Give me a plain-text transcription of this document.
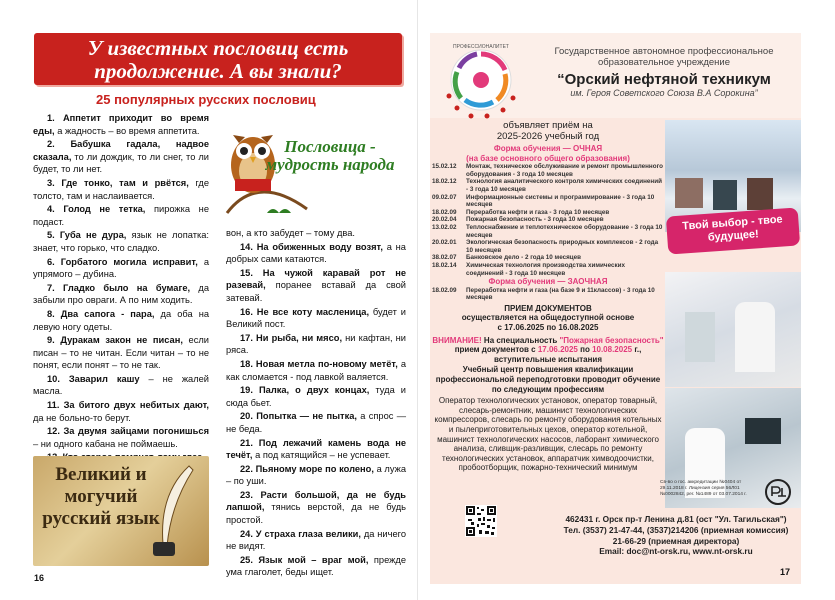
У известных пословиц есть
продолжение. А вы знали?
25 популярных русских пословиц
Пословица - мудрость народа
1. Аппетит приходит во время еды, а жадность – во время аппетита.
2. Бабушка гадала, надвое сказала, то ли дождик, то ли снег, то ли будет, то ли нет.
3. Где тонко, там и рвётся, где толсто, там и наслаивается.
4. Голод не тетка, пирожка не подаст.
5. Губа не дура, язык не лопатка: знает, что горько, что сладко.
6. Горбатого могила исправит, а упрямого – дубина.
7. Гладко было на бумаге, да забыли про овраги. А по ним ходить.
8. Два сапога - пара, да оба на левую ногу одеты.
9. Дуракам закон не писан, если писан – то не читан. Если читан – то не понят, если понят – то не так.
10. Заварил кашу – не жалей масла.
11. За битого двух небитых дают, да не больно-то берут.
12. За двумя зайцами погонишься – ни одного кабана не поймаешь.
вон, а кто забудет – тому два.
14. На обиженных воду возят, а на добрых сами катаются.
15. На чужой каравай рот не разевай, поранее вставай да свой затевай.
16. Не все коту масленица, будет и Великий пост.
17. Ни рыба, ни мясо, ни кафтан, ни ряса.
18. Новая метла по-новому метёт, а как сломается - под лавкой валяется.
19. Палка, о двух концах, туда и сюда бьет.
20. Попытка — не пытка, а спрос — не беда.
21. Под лежачий камень вода не течёт, а под катящийся – не успевает.
22. Пьяному море по колено, а лужа – по уши.
23. Расти большой, да не будь лапшой, тянись верстой, да не будь простой.
24. У страха глаза велики, да ничего не видят.
25. Язык мой – враг мой, прежде ума глаголет, беды ищет.
Великий и могучий русский язык
16
ПРОФЕССИОНАЛИТЕТ	Государственное автономное профессиональное образовательное учреждение
“Орский нефтяной техникум
им. Героя Советского Союза В.А Сорокина”
Твой выбор - твое будущее!
объявляет приём на
2025-2026 учебный год
Форма обучения — ОЧНАЯ
(на базе основного общего образования)
15.02.12	Монтаж, техническое обслуживание и ремонт промышленного оборудования - 3 года 10 месяцев
18.02.12	Технология аналитического контроля химических соединений - 3 года 10 месяцев
09.02.07	Информационные системы и программирование - 3 года 10 месяцев
18.02.09	Переработка нефти и газа - 3 года 10 месяцев
20.02.04	Пожарная безопасность - 3 года 10 месяцев
13.02.02	Теплоснабжение и теплотехническое оборудование - 3 года 10 месяцев
20.02.01	Экологическая безопасность природных комплексов - 2 года 10 месяцев
38.02.07	Банковское дело - 2 года 10 месяцев
18.02.14	Химическая технология производства химических соединений - 3 года 10 месяцев
Форма обучения — ЗАОЧНАЯ
18.02.09	Переработка нефти и газа (на базе 9 и 11классов) - 3 года 10 месяцев
ПРИЕМ ДОКУМЕНТОВ
осуществляется на общедоступной основе
с 17.06.2025 по 16.08.2025
ВНИМАНИЕ! На специальность "Пожарная безопасность"
прием документов с 17.06.2025 по 10.08.2025 г.,
вступительные испытания
Учебный центр повышения квалификации профессиональной переподготовки проводит обучение по следующим профессиям
Оператор технологических установок, оператор товарный, слесарь-ремонтник, машинист технологических компрессоров, слесарь по ремонту оборудования котельных и пылеприготовительных цехов, оператор котельной, машинист технологических насосов, лаборант химического анализа, сливщик-разливщик, слесарь по ремонту технологических установок, аппаратчик химводоочистки, пробоотборщик, пожарно-технический минимум
Св-во о гос. аккредитации №0404 от 29.11.2018 г. Лицензия серия 56Л01 №0002842, рег. №1489 от 03.07.2014 г.
462431 г. Орск пр-т Ленина д.81 (ост "Ул. Тагильская")
Тел. (3537) 21-47-44, (3537)214206 (приемная комиссия)
21-66-29 (приемная директора)
Email: doc@nt-orsk.ru, www.nt-orsk.ru
17
